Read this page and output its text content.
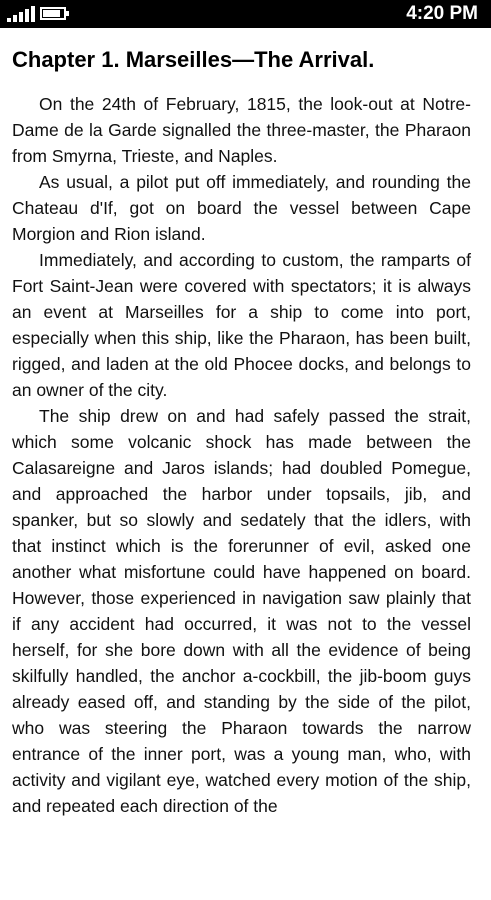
4:20 PM
Chapter 1. Marseilles—The Arrival.

On the 24th of February, 1815, the look-out at Notre-Dame de la Garde signalled the three-master, the Pharaon from Smyrna, Trieste, and Naples.

As usual, a pilot put off immediately, and rounding the Chateau d'If, got on board the vessel between Cape Morgion and Rion island.

Immediately, and according to custom, the ramparts of Fort Saint-Jean were covered with spectators; it is always an event at Marseilles for a ship to come into port, especially when this ship, like the Pharaon, has been built, rigged, and laden at the old Phocee docks, and belongs to an owner of the city.

The ship drew on and had safely passed the strait, which some volcanic shock has made between the Calasareigne and Jaros islands; had doubled Pomegue, and approached the harbor under topsails, jib, and spanker, but so slowly and sedately that the idlers, with that instinct which is the forerunner of evil, asked one another what misfortune could have happened on board. However, those experienced in navigation saw plainly that if any accident had occurred, it was not to the vessel herself, for she bore down with all the evidence of being skilfully handled, the anchor a-cockbill, the jib-boom guys already eased off, and standing by the side of the pilot, who was steering the Pharaon towards the narrow entrance of the inner port, was a young man, who, with activity and vigilant eye, watched every motion of the ship, and repeated each direction of the
